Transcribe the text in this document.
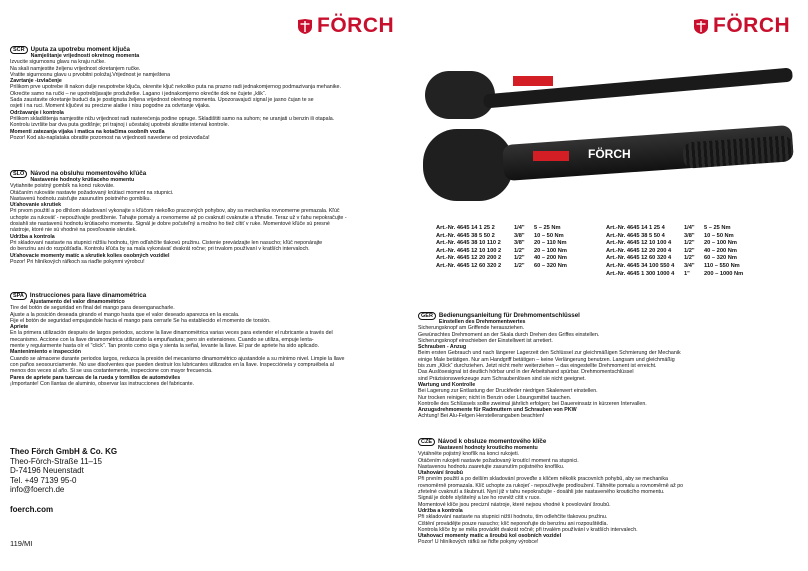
FÖRCH
SCR Uputa za upotrebu moment ključa
Namještanje vrijednosti okretnog momenta
Izvucite sigurnosnu glavu na kraju ručke.
Na skali namjestite željenu vrijednost okretanjem ručke.
Vratite sigurnosnu glavu u prvobitni položaj.Vrijednost je namještena
Zavrtanje -izvlačenje
Prilikom prve upotrebe ili nakon dulje neupotrebe ključa, okrenite ključ nekoliko puta na prazno radi jednakomjernog podmazivanja mehanike.
Okrećite samo na ručki – ne upotrebljavajte produžetke. Lagano i jednakomjerno okrećite dok ne čujete „klik“.
Sada zaustavite okretanje budući da je postignuta željena vrijednost okretnog momenta. Upozoravajući signal je jasno čujan te se
osjeti i na ruci. Moment ključevi su precizne alatke i nisu pogodne za odvrtanje vijaka.
Održavanje i kontrola
Prilikom skladištenja namjestite nižu vrijednost radi rasterećenja podine opruge. Skladištiti samo na suhom; ne uranjati u benzin ili otapala.
Kontrolu izvršite bar dva puta godišnje; pri trajnoj i učestaloj upotrebi skratite interval kontrole.
Momenti zatezanja vijaka i matica na kotačima osobnih vozila
Pozor! Kod alu-naplataka obratite pozornost na vrijednosti navedene od proizvođača!
SLO Návod na obsluhu momentového kľúča
Nastavenie hodnoty krútiaceho momentu
Vytiahnite poistný gombík na konci rukoväte.
Otáčaním rukoväte nastavte požadovaný krútiaci moment na stupnici.
Nastavenú hodnotu zaisťujte zasunutím poistného gombíku.
Uťahovanie skrutiek
Pri prvom použití a po dlhšom skladovaní vykonajte s kľúčom niekoľko pracovných pohybov, aby sa mechanika rovnomerne premazala. Kľúč
uchopte za rukoväť - nepoužívajte predĺženie. Ťahajte pomaly a rovnomerne až po cvaknutí cvaknutie a tŕhnutie. Teraz už v ťahu nepokračujte -
dosiahli ste nastavenú hodnotu krútiaceho momentu. Signál je dobre počuteľný a možno ho tiež cítiť v ruke. Momentové kľúče sú presné
nástroje, ktoré nie sú vhodné na povoľovanie skrutiek.
Údržba a kontrola
Pri skladovaní nastavte na stupnici nižšiu hodnotu, tým odľahčíte tlakovú pružinu. Čistenie prevádzajte len nasucho; kľúč neponárajte
do benzínu ani do rozpúšťadla. Kontrolu kľúča by sa mala vykonávať dvakrát ročne; pri trvalom používaní v kratších intervaloch.
Uťahovacie momenty matíc a skrutiek kolies osobných vozidiel
Pozor! Pri hliníkových ráfkoch sa riaďte pokynmi výrobcu!
SPA Instrucciones para llave dinamométrica
Ajustamento del valor dinamométrico
Tire del botón de seguridad en final del mango para desenganacharle.
Ajuste a la posición deseada girando el mango hasta que el valor deseado aparezca en la escala.
Fije el botón de seguridad empujandole hacia el mango para cerrarle Se ha establecido el momento de torsión.
Apriete
En la primera utilización después de largos periodos, accione la llave dinamométrica varias veces para extender el rubricante a través del
mecanismo. Accione con la llave dinamométrica utilizando la empuñadura; pero sin extensiones. Cuando se utiliza, empuje lenta-
mente y regularmente hasta oír el "click". Tan pronto como oiga y sienta la señal, levante la llave. El par de apriete ha sido aplicado.
Mantenimiento e inspección
Cuando se almacene durante periodos largos, reduzca la presión del mecanismo dinamométrico ajustandole a su mínimo nivel. Limpie la llave
con paños seosourciamente. No use disolventes que pueden destruir los lubricantes utilizados en la llave. Inspecciónela y compruébela al
menos dos veces al año. Si se usa costantemente, inspeccione con mayor frecuencia.
Pares de apriete para tuercas de la rueda y tornillos de automóviles
¡Importante! Con llantas de aluminio, observar las instrucciones del fabricante.
Theo Förch GmbH & Co. KG
Theo-Förch-Straße 11–15
D-74196 Neuenstadt
Tel. +49 7139 95-0
info@foerch.de
foerch.com
119/MI
FÖRCH
FÖRCH
Art.-Nr. 4645 14 1 25 2	1/4"	5 – 25 Nm	Art.-Nr. 4645 14 1 25 4	1/4"	5 – 25 Nm
Art.-Nr. 4645 38 5 50 2	3/8"	10 – 50 Nm	Art.-Nr. 4645 38 5 50 4	3/8"	10 – 50 Nm
Art.-Nr. 4645 38 10 110 2	3/8"	20 – 110 Nm	Art.-Nr. 4645 12 10 100 4	1/2"	20 – 100 Nm
Art.-Nr. 4645 12 10 100 2	1/2"	20 – 100 Nm	Art.-Nr. 4645 12 20 200 4	1/2"	40 – 200 Nm
Art.-Nr. 4645 12 20 200 2	1/2"	40 – 200 Nm	Art.-Nr. 4645 12 60 320 4	1/2"	60 – 320 Nm
Art.-Nr. 4645 12 60 320 2	1/2"	60 – 320 Nm	Art.-Nr. 4645 34 100 550 4	3/4"	110 – 550 Nm
Art.-Nr. 4645 1 300 1000 4	1"	200 – 1000 Nm
GER Bedienungsanleitung für Drehmomentschlüssel
Einstellen des Drehmomentwertes
Sicherungsknopf am Griffende herausziehen.
Gewünschtes Drehmoment an der Skala durch Drehen des Griffes einstellen.
Sicherungsknopf einschieben der Einstellwert ist arretiert.
Schrauben - Anzug
Beim ersten Gebrauch und nach längerer Lagerzeit den Schlüssel zur gleichmäßigen Schmierung der Mechanik
einige Male betätigen. Nur am Handgriff betätigen – keine Verlängerung benutzen. Langsam und gleichmäßig
bis zum „Klick“ durchziehen. Jetzt nicht mehr weiterziehen – das eingestellte Drehmoment ist erreicht.
Das Auslösesignal ist deutlich hörbar und in der Arbeitshand spürbar. Drehmomentschlüssel
sind Präzisionswerkzeuge zum Schraubenlösen sind sie nicht geeignet.
Wartung und Kontrolle
Bei Lagerung zur Entlastung der Druckfeder niedrigen Skalenwert einstellen.
Nur trocken reinigen; nicht in Benzin oder Lösungsmittel tauchen.
Kontrolle des Schlüssels sollte zweimal jährlich erfolgen; bei Dauereinsatz in kürzeren Intervallen.
Anzugsdrehmomente für Radmuttern und Schrauben von PKW
Achtung! Bei Alu-Felgen Herstellerangaben beachten!
CZE Návod k obsluze momentového klíče
Nastavení hodnoty krouticího momentu
Vytáhněte pojistný knoflík na konci rukojeti.
Otáčením rukojeti nastavte požadovaný kroutící moment na stupnici.
Nastavenou hodnotu zaaretujte zasunutím pojistného knoflíku.
Utahování šroubů
Při prvním použití a po delším skladování proveďte s klíčem několik pracovních pohybů, aby se mechanika
rovnoměrně promazala. Klíč uchopte za rukojeť - nepoužívejte prodloužení. Táhněte pomalu a rovnoměrně až po
zřetelné cvaknutí a škubnutí. Nyní již v tahu nepokračujte - dosáhli jste nastaveného krouticího momentu.
Signál je dobře slyšitelný a lze ho rovněž cítit v ruce.
Momentové klíče jsou precizní nástroje, které nejsou vhodné k povolování šroubů.
Údržba a kontrola
Při skladování nastavte na stupnici nižší hodnotu, tím odlehčíte tlakovou pružinu.
Čištění provádějte pouze nasucho; klíč neponořujte do benzínu ani rozpouštědla.
Kontrola klíče by se měla provádět dvakrát ročně; při trvalém používání v kratších intervalech.
Utahovací momenty matic a šroubů kol osobních vozidel
Pozor! U hliníkových ráfků se řiďte pokyny výrobce!
